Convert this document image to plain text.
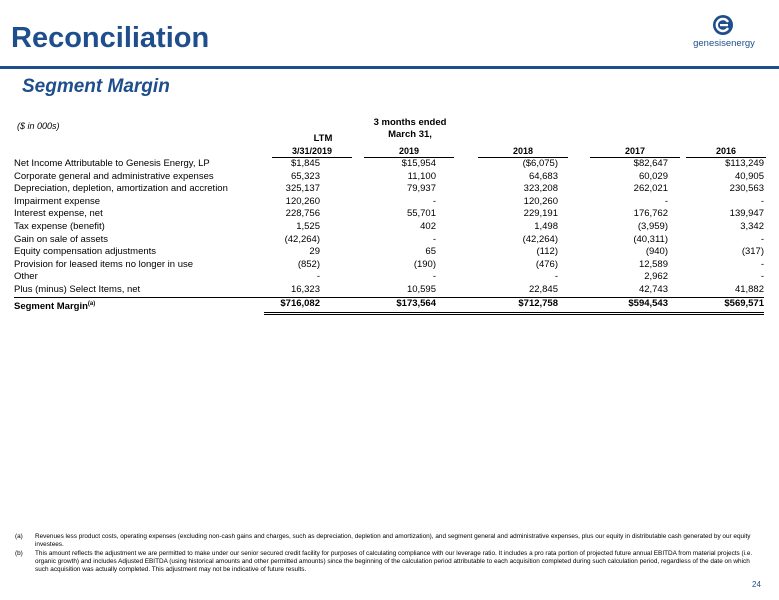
Reconciliation	genesisenergy
Segment Margin
($ in 000s)
LTM
3 months ended
March 31,
3/31/2019	2019	2018	2017	2016
Net Income Attributable to Genesis Energy, LP	$1,845	$15,954	($6,075)	$82,647	$113,249
Corporate general and administrative expenses	65,323	11,100	64,683	60,029	40,905
Depreciation, depletion, amortization and accretion	325,137	79,937	323,208	262,021	230,563
Impairment expense	120,260	-	120,260	-	-
Interest expense, net	228,756	55,701	229,191	176,762	139,947
Tax expense (benefit)	1,525	402	1,498	(3,959)	3,342
Gain on sale of assets	(42,264)	-	(42,264)	(40,311)	-
Equity compensation adjustments	29	65	(112)	(940)	(317)
Provision for leased items no longer in use	(852)	(190)	(476)	12,589	-
Other	-	-	-	2,962	-
Plus (minus) Select Items, net	16,323	10,595	22,845	42,743	41,882
Segment Margin$^{(a)}$	$716,082	$173,564	$712,758	$594,543	$569,571
(a)	Revenues less product costs, operating expenses (excluding non-cash gains and charges, such as depreciation, depletion and amortization), and segment general and administrative expenses, plus our equity in distributable cash generated by our equity investees.
(b)	This amount reflects the adjustment we are permitted to make under our senior secured credit facility for purposes of calculating compliance with our leverage ratio. It includes a pro rata portion of projected future annual EBITDA from material projects (i.e. organic growth) and includes Adjusted EBITDA (using historical amounts and other permitted amounts) since the beginning of the calculation period attributable to each acquisition completed during such calculation period, regardless of the date on which such acquisition was actually completed. This adjustment may not be indicative of future results.
24
